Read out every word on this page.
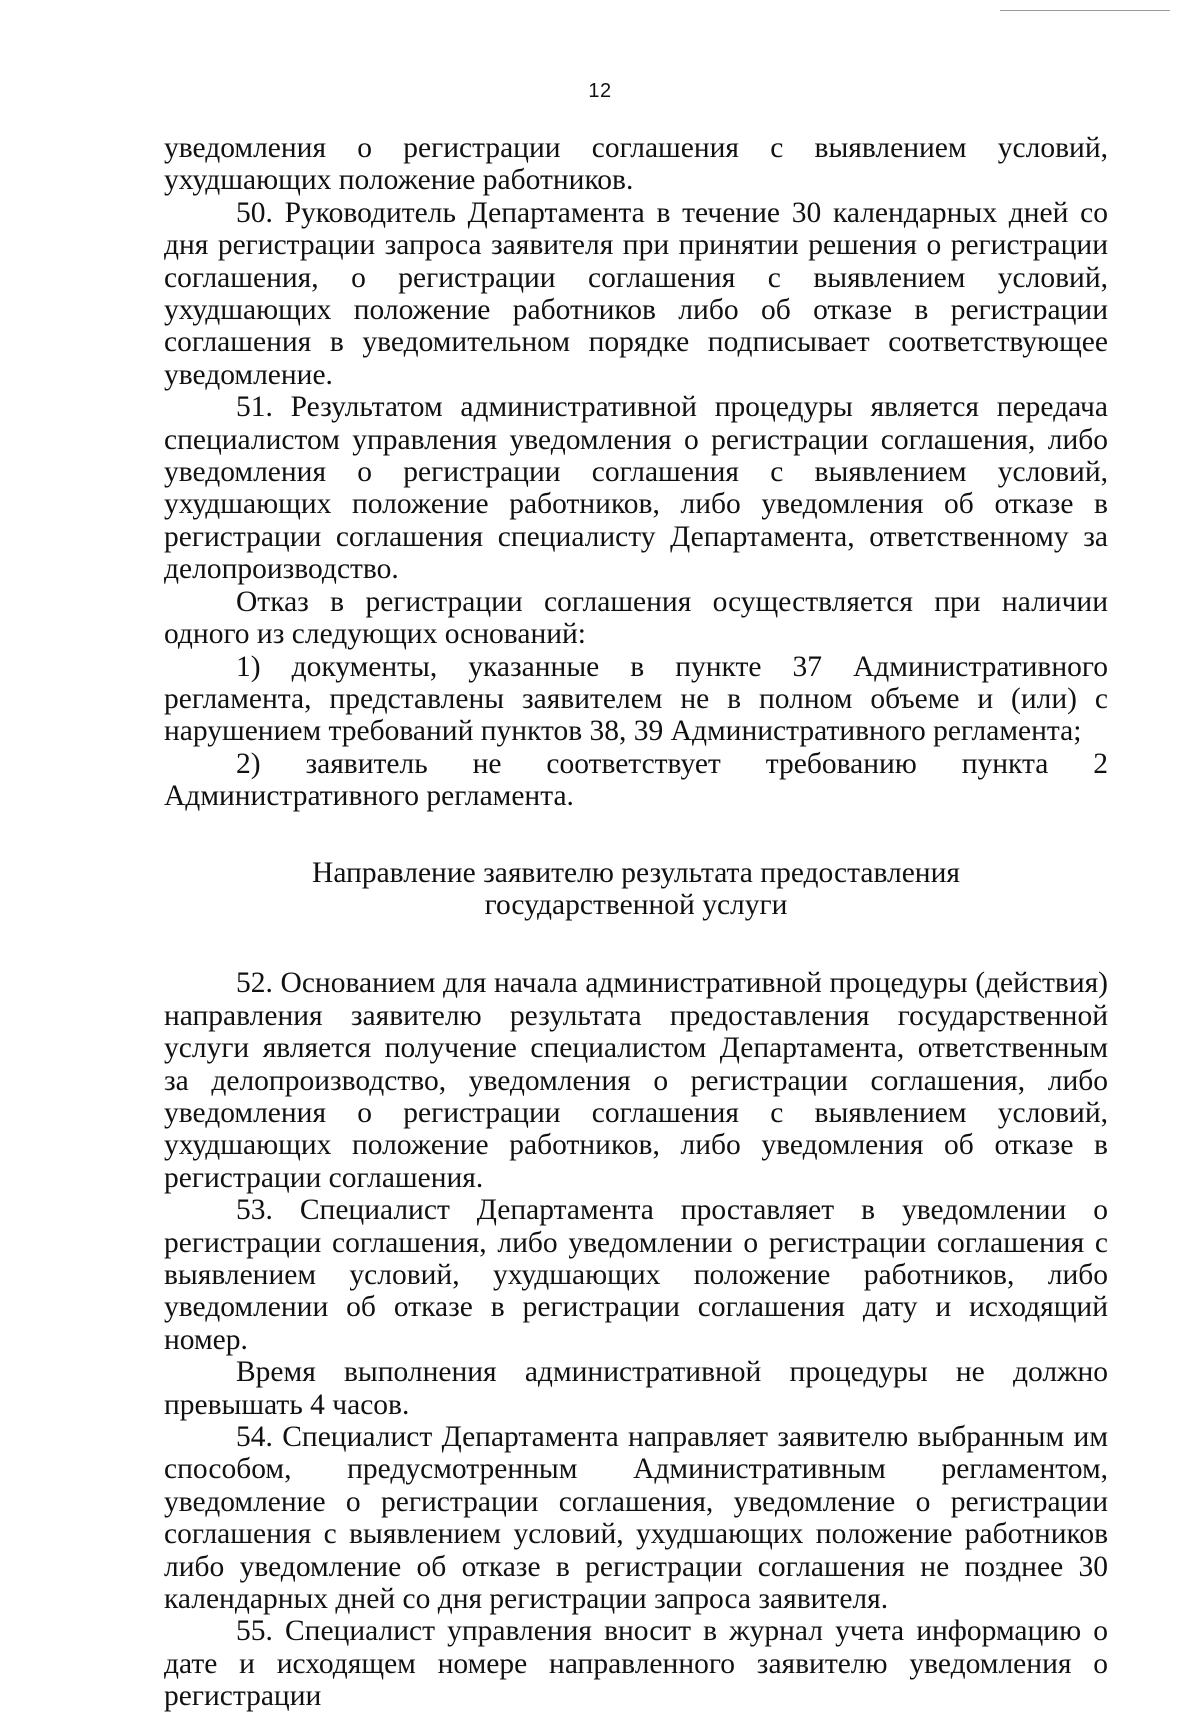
12

уведомления о регистрации соглашения с выявлением условий, ухудшающих положение работников.

50. Руководитель Департамента в течение 30 календарных дней со дня регистрации запроса заявителя при принятии решения о регистрации соглашения, о регистрации соглашения с выявлением условий, ухудшающих положение работников либо об отказе в регистрации соглашения в уведомительном порядке подписывает соответствующее уведомление.

51. Результатом административной процедуры является передача специалистом управления уведомления о регистрации соглашения, либо уведомления о регистрации соглашения с выявлением условий, ухудшающих положение работников, либо уведомления об отказе в регистрации соглашения специалисту Департамента, ответственному за делопроизводство.

Отказ в регистрации соглашения осуществляется при наличии одного из следующих оснований:

1) документы, указанные в пункте 37 Административного регламента, представлены заявителем не в полном объеме и (или) с нарушением требований пунктов 38, 39 Административного регламента;

2) заявитель не соответствует требованию пункта 2 Административного регламента.

Направление заявителю результата предоставления
государственной услуги

52. Основанием для начала административной процедуры (действия) направления заявителю результата предоставления государственной услуги является получение специалистом Департамента, ответственным за делопроизводство, уведомления о регистрации соглашения, либо уведомления о регистрации соглашения с выявлением условий, ухудшающих положение работников, либо уведомления об отказе в регистрации соглашения.

53. Специалист Департамента проставляет в уведомлении о регистрации соглашения, либо уведомлении о регистрации соглашения с выявлением условий, ухудшающих положение работников, либо уведомлении об отказе в регистрации соглашения дату и исходящий номер.

Время выполнения административной процедуры не должно превышать 4 часов.

54. Специалист Департамента направляет заявителю выбранным им способом, предусмотренным Административным регламентом, уведомление о регистрации соглашения, уведомление о регистрации соглашения с выявлением условий, ухудшающих положение работников либо уведомление об отказе в регистрации соглашения не позднее 30 календарных дней со дня регистрации запроса заявителя.

55. Специалист управления вносит в журнал учета информацию о дате и исходящем номере направленного заявителю уведомления о регистрации
